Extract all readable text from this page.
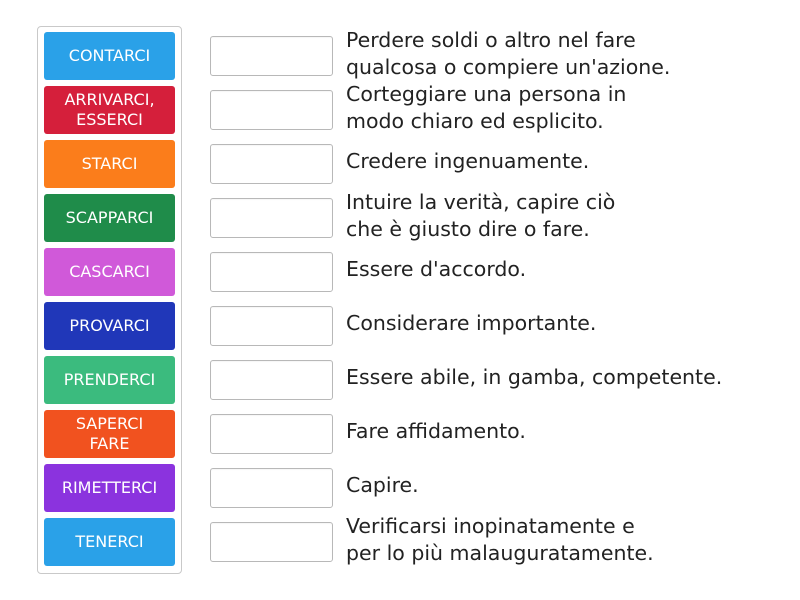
CONTARCI
ARRIVARCI, ESSERCI
STARCI
SCAPPARCI
CASCARCI
PROVARCI
PRENDERCI
SAPERCI FARE
RIMETTERCI
TENERCI
Perdere soldi o altro nel fare
qualcosa o compiere un'azione.
Corteggiare una persona in
modo chiaro ed esplicito.
Credere ingenuamente.
Intuire la verità, capire ciò
che è giusto dire o fare.
Essere d'accordo.
Considerare importante.
Essere abile, in gamba, competente.
Fare affidamento.
Capire.
Verificarsi inopinatamente e
per lo più malauguratamente.
